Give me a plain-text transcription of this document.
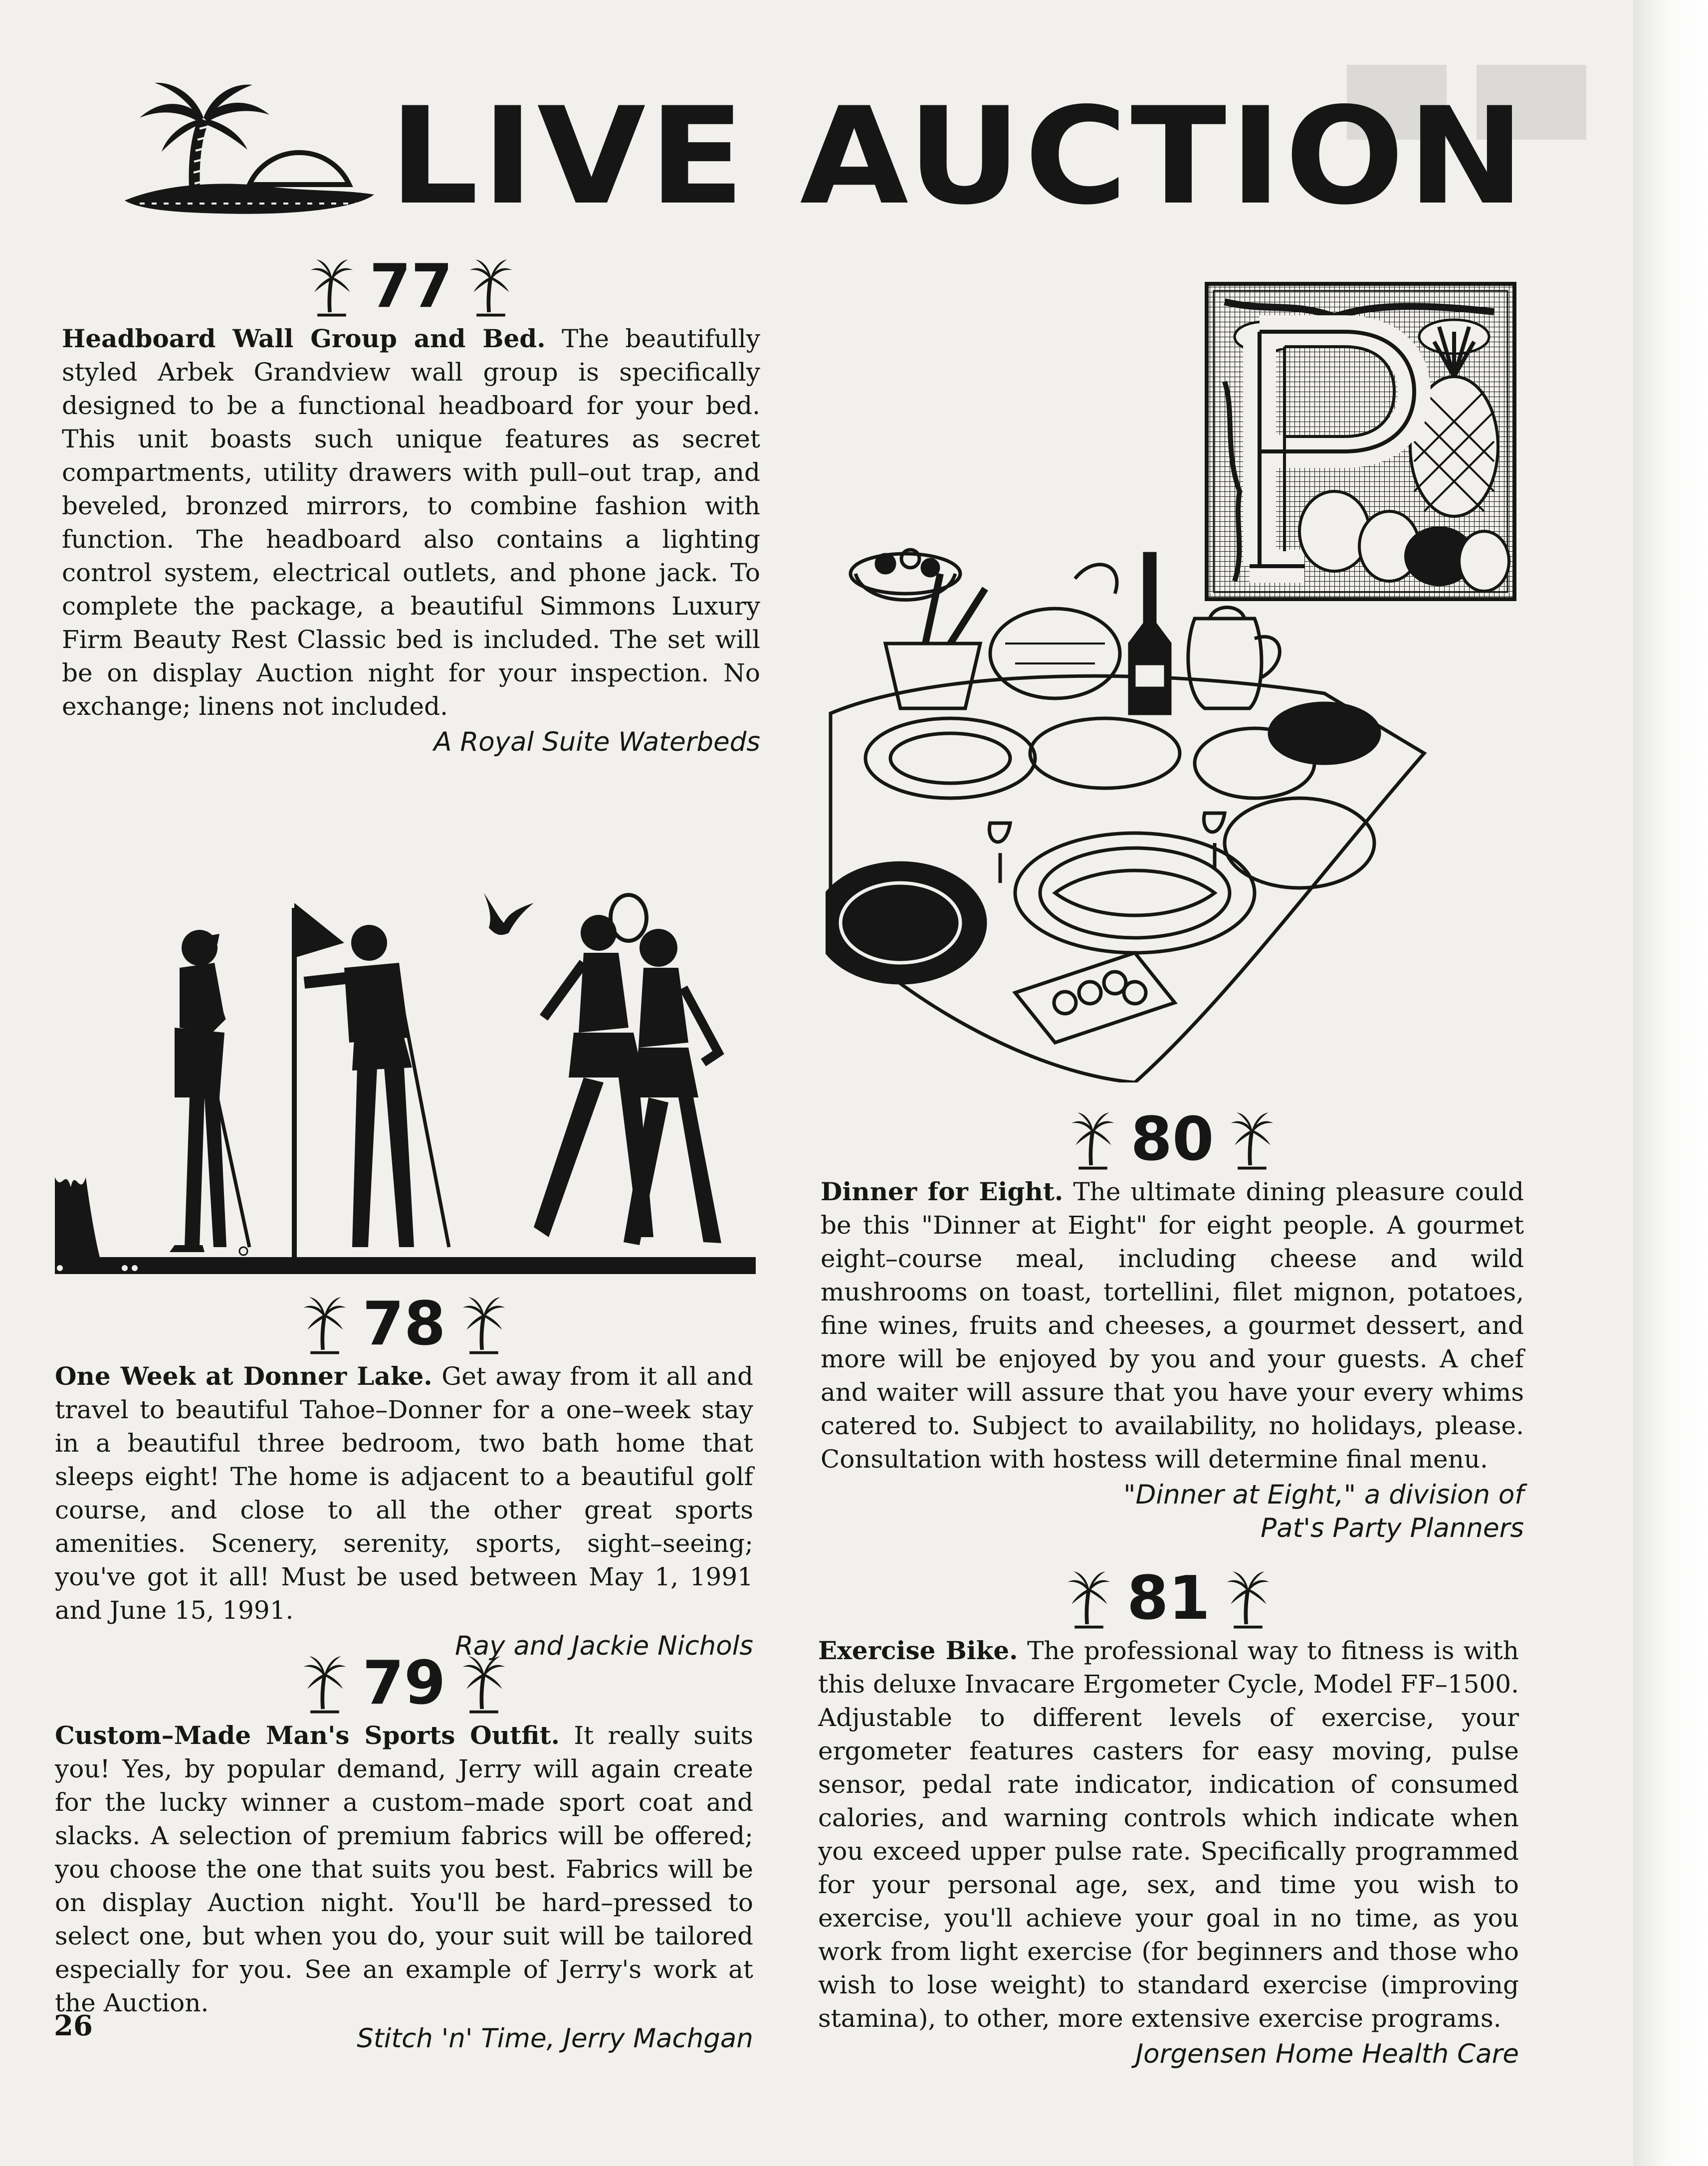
LIVE AUCTION
77

Headboard Wall Group and Bed. The beautifully styled Arbek Grandview wall group is specifically designed to be a functional headboard for your bed. This unit boasts such unique features as secret compartments, utility drawers with pull–out trap, and beveled, bronzed mirrors, to combine fashion with function. The headboard also contains a lighting control system, electrical outlets, and phone jack. To complete the package, a beautiful Simmons Luxury Firm Beauty Rest Classic bed is included. The set will be on display Auction night for your inspection. No exchange; linens not included.

A Royal Suite Waterbeds
78

One Week at Donner Lake. Get away from it all and travel to beautiful Tahoe–Donner for a one–week stay in a beautiful three bedroom, two bath home that sleeps eight! The home is adjacent to a beautiful golf course, and close to all the other great sports amenities. Scenery, serenity, sports, sight–seeing; you've got it all! Must be used between May 1, 1991 and June 15, 1991.

Ray and Jackie Nichols
79

Custom–Made Man's Sports Outfit. It really suits you! Yes, by popular demand, Jerry will again create for the lucky winner a custom–made sport coat and slacks. A selection of premium fabrics will be offered; you choose the one that suits you best. Fabrics will be on display Auction night. You'll be hard–pressed to select one, but when you do, your suit will be tailored especially for you. See an example of Jerry's work at the Auction.

Stitch 'n' Time, Jerry Machgan
80

Dinner for Eight. The ultimate dining pleasure could be this "Dinner at Eight" for eight people. A gourmet eight–course meal, including cheese and wild mushrooms on toast, tortellini, filet mignon, potatoes, fine wines, fruits and cheeses, a gourmet dessert, and more will be enjoyed by you and your guests. A chef and waiter will assure that you have your every whims catered to. Subject to availability, no holidays, please. Consultation with hostess will determine final menu.

"Dinner at Eight," a division of
Pat's Party Planners
81

Exercise Bike. The professional way to fitness is with this deluxe Invacare Ergometer Cycle, Model FF–1500. Adjustable to different levels of exercise, your ergometer features casters for easy moving, pulse sensor, pedal rate indicator, indication of consumed calories, and warning controls which indicate when you exceed upper pulse rate. Specifically programmed for your personal age, sex, and time you wish to exercise, you'll achieve your goal in no time, as you work from light exercise (for beginners and those who wish to lose weight) to standard exercise (improving stamina), to other, more extensive exercise programs.

Jorgensen Home Health Care
26
